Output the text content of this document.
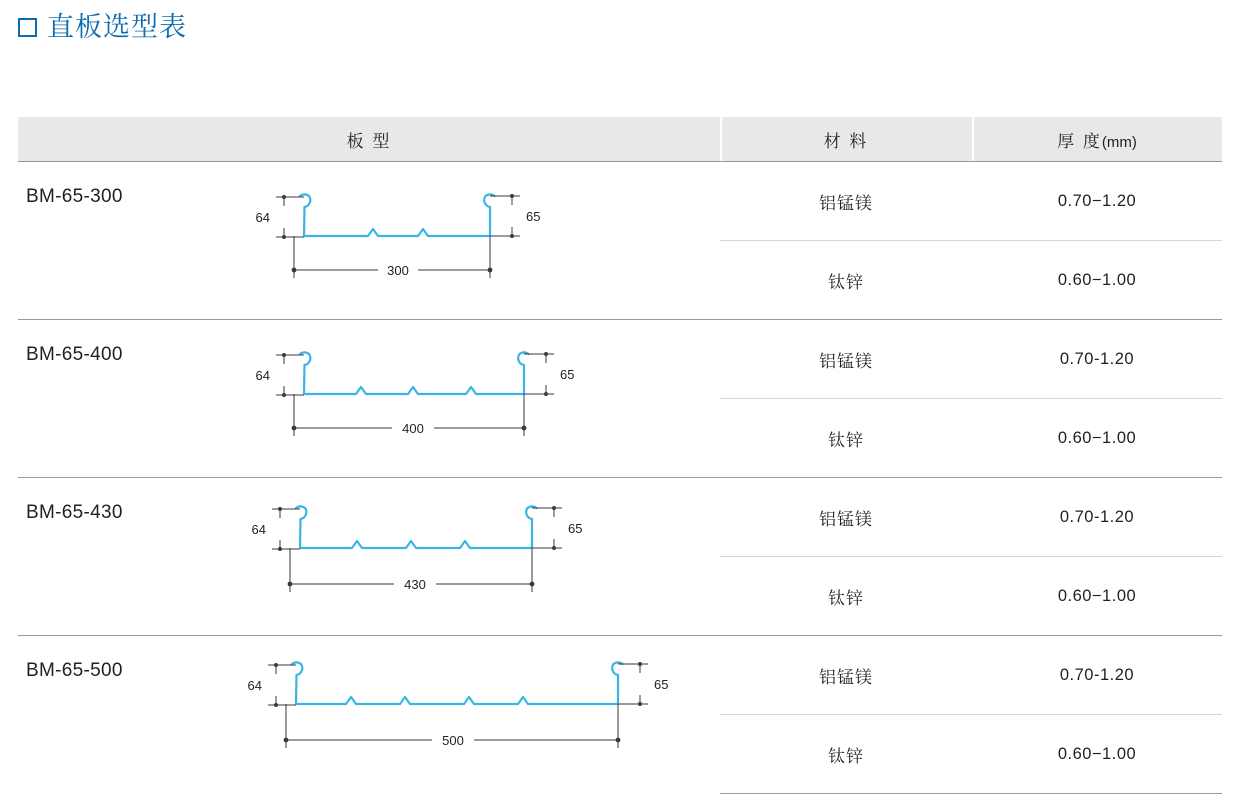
直板选型表
板 型	材 料	厚 度(mm)

BM-65-300
64 65
300	铝锰镁	0.70−1.20
	钛锌	0.60−1.00

BM-65-400
64 65
400	铝锰镁	0.70-1.20
	钛锌	0.60−1.00

BM-65-430
64 65
430	铝锰镁	0.70-1.20
	钛锌	0.60−1.00

BM-65-500
64 65
500	铝锰镁	0.70-1.20
	钛锌	0.60−1.00
